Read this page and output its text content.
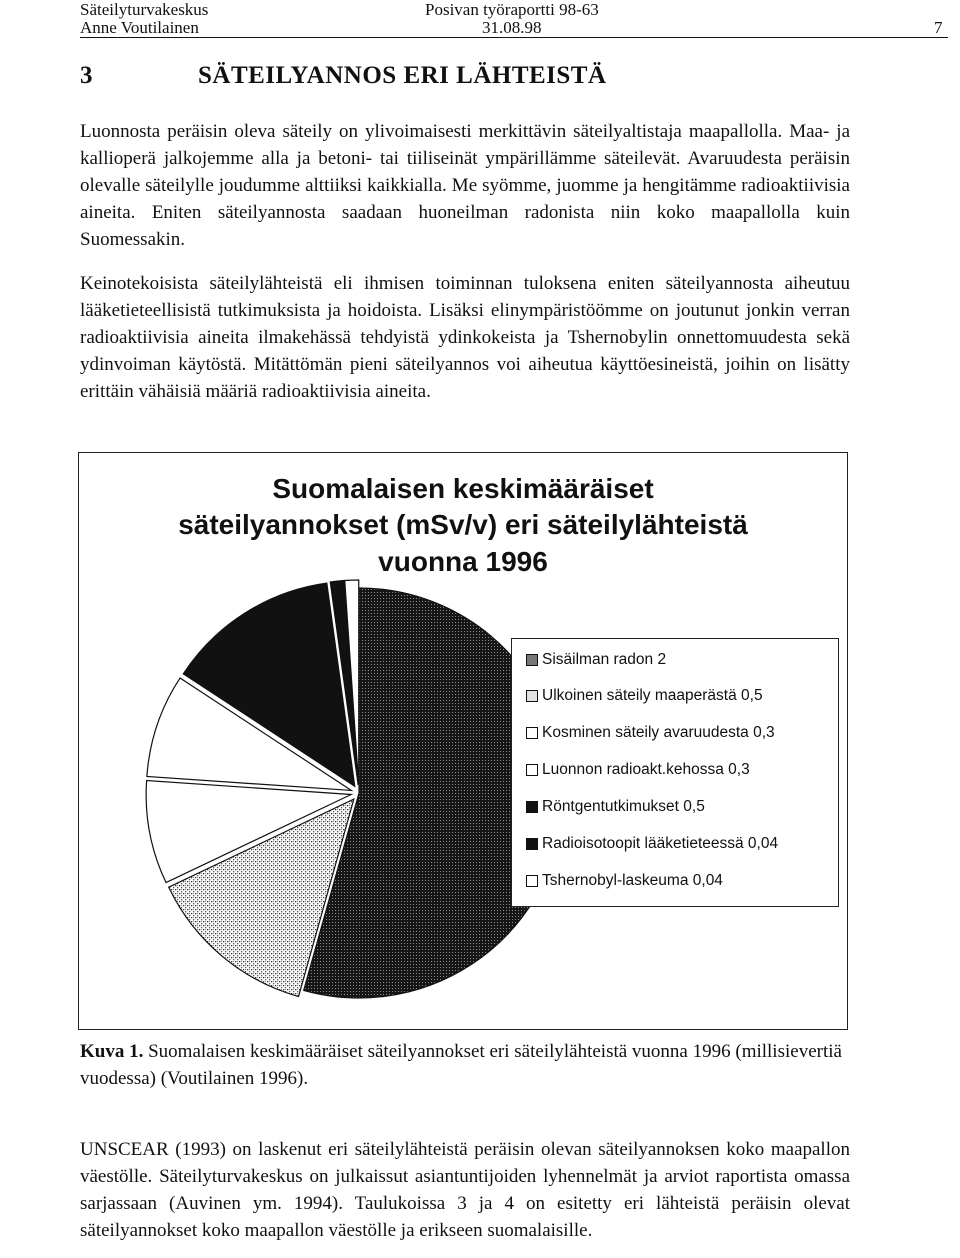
Säteilyturvakeskus
Anne Voutilainen
Posivan työraportti 98-63
31.08.98	7
3	SÄTEILYANNOS ERI LÄHTEISTÄ
Luonnosta peräisin oleva säteily on ylivoimaisesti merkittävin säteilyaltistaja maapallolla. Maa- ja kallioperä jalkojemme alla ja betoni- tai tiiliseinät ympärillämme säteilevät. Avaruudesta peräisin olevalle säteilylle joudumme alttiiksi kaikkialla. Me syömme, juomme ja hengitämme radioaktiivisia aineita. Eniten säteilyannosta saadaan huoneilman radonista niin koko maapallolla kuin Suomessakin.
Keinotekoisista säteilylähteistä eli ihmisen toiminnan tuloksena eniten säteilyannosta aiheutuu lääketieteellisistä tutkimuksista ja hoidoista. Lisäksi elinympäristöömme on joutunut jonkin verran radioaktiivisia aineita ilmakehässä tehdyistä ydinkokeista ja Tshernobylin onnettomuudesta sekä ydinvoiman käytöstä. Mitättömän pieni säteilyannos voi aiheutua käyttöesineistä, joihin on lisätty erittäin vähäisiä määriä radioaktiivisia aineita.
Suomalaisen keskimääräiset
säteilyannokset (mSv/v) eri säteilylähteistä
vuonna 1996
Sisäilman radon 2
Ulkoinen säteily maaperästä 0,5
Kosminen säteily avaruudesta 0,3
Luonnon radioakt.kehossa 0,3
Röntgentutkimukset 0,5
Radioisotoopit lääketieteessä 0,04
Tshernobyl-laskeuma 0,04
Kuva 1. Suomalaisen keskimääräiset säteilyannokset eri säteilylähteistä vuonna 1996 (millisievertiä vuodessa) (Voutilainen 1996).
UNSCEAR (1993) on laskenut eri säteilylähteistä peräisin olevan säteilyannoksen koko maapallon väestölle. Säteilyturvakeskus on julkaissut asiantuntijoiden lyhennelmät ja arviot raportista omassa sarjassaan (Auvinen ym. 1994). Taulukoissa 3 ja 4 on esitetty eri lähteistä peräisin olevat säteilyannokset koko maapallon väestölle ja erikseen suomalaisille.
